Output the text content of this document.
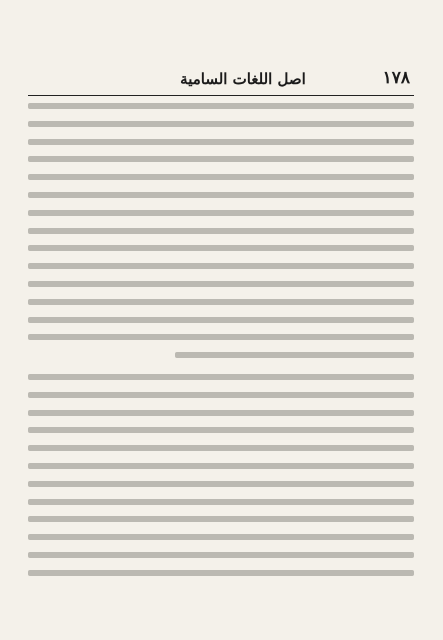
اصل اللغات السامية	١٧٨
